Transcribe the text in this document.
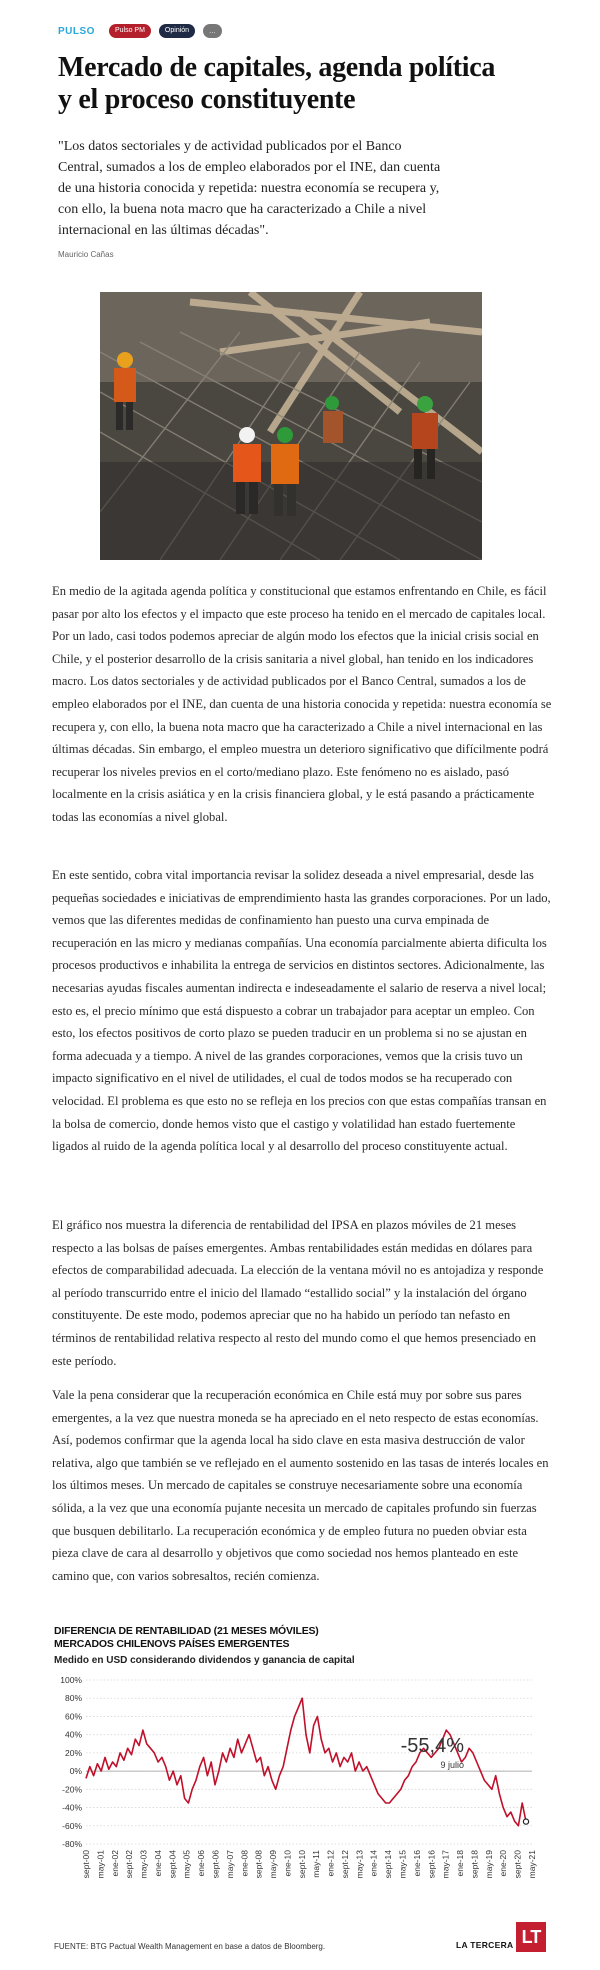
PULSO	Pulso PM	Opinión	...
Mercado de capitales, agenda política y el proceso constituyente

"Los datos sectoriales y de actividad publicados por el Banco Central, sumados a los de empleo elaborados por el INE, dan cuenta de una historia conocida y repetida: nuestra economía se recupera y, con ello, la buena nota macro que ha caracterizado a Chile a nivel internacional en las últimas décadas".

Mauricio Cañas

En medio de la agitada agenda política y constitucional que estamos enfrentando en Chile, es fácil pasar por alto los efectos y el impacto que este proceso ha tenido en el mercado de capitales local. Por un lado, casi todos podemos apreciar de algún modo los efectos que la inicial crisis social en Chile, y el posterior desarrollo de la crisis sanitaria a nivel global, han tenido en los indicadores macro. Los datos sectoriales y de actividad publicados por el Banco Central, sumados a los de empleo elaborados por el INE, dan cuenta de una historia conocida y repetida: nuestra economía se recupera y, con ello, la buena nota macro que ha caracterizado a Chile a nivel internacional en las últimas décadas. Sin embargo, el empleo muestra un deterioro significativo que difícilmente podrá recuperar los niveles previos en el corto/mediano plazo. Este fenómeno no es aislado, pasó localmente en la crisis asiática y en la crisis financiera global, y le está pasando a prácticamente todas las economías a nivel global.

En este sentido, cobra vital importancia revisar la solidez deseada a nivel empresarial, desde las pequeñas sociedades e iniciativas de emprendimiento hasta las grandes corporaciones. Por un lado, vemos que las diferentes medidas de confinamiento han puesto una curva empinada de recuperación en las micro y medianas compañías. Una economía parcialmente abierta dificulta los procesos productivos e inhabilita la entrega de servicios en distintos sectores. Adicionalmente, las necesarias ayudas fiscales aumentan indirecta e indeseadamente el salario de reserva a nivel local; esto es, el precio mínimo que está dispuesto a cobrar un trabajador para aceptar un empleo. Con esto, los efectos positivos de corto plazo se pueden traducir en un problema si no se ajustan en forma adecuada y a tiempo. A nivel de las grandes corporaciones, vemos que la crisis tuvo un impacto significativo en el nivel de utilidades, el cual de todos modos se ha recuperado con velocidad. El problema es que esto no se refleja en los precios con que estas compañías transan en la bolsa de comercio, donde hemos visto que el castigo y volatilidad han estado fuertemente ligados al ruido de la agenda política local y al desarrollo del proceso constituyente actual.

El gráfico nos muestra la diferencia de rentabilidad del IPSA en plazos móviles de 21 meses respecto a las bolsas de países emergentes. Ambas rentabilidades están medidas en dólares para efectos de comparabilidad adecuada. La elección de la ventana móvil no es antojadiza y responde al período transcurrido entre el inicio del llamado “estallido social” y la instalación del órgano constituyente. De este modo, podemos apreciar que no ha habido un período tan nefasto en términos de rentabilidad relativa respecto al resto del mundo como el que hemos presenciado en este período.

Vale la pena considerar que la recuperación económica en Chile está muy por sobre sus pares emergentes, a la vez que nuestra moneda se ha apreciado en el neto respecto de estas economías. Así, podemos confirmar que la agenda local ha sido clave en esta masiva destrucción de valor relativa, algo que también se ve reflejado en el aumento sostenido en las tasas de interés locales en los últimos meses. Un mercado de capitales se construye necesariamente sobre una economía sólida, a la vez que una economía pujante necesita un mercado de capitales profundo sin fuerzas que busquen debilitarlo. La recuperación económica y de empleo futura no pueden obviar esta pieza clave de cara al desarrollo y objetivos que como sociedad nos hemos planteado en este camino que, con varios sobresaltos, recién comienza.

DIFERENCIA DE RENTABILIDAD (21 MESES MÓVILES)
MERCADOS CHILENOVS PAÍSES EMERGENTES
Medido en USD considerando dividendos y ganancia de capital
100%
80%
60%
40%
20%
0%
-20%
-40%
-60%
-80%
sept-00 may-01 ene-02 sept-02 may-03 ene-04 sept-04 may-05 ene-06 sept-06 may-07 ene-08 sept-08 may-09 ene-10 sept-10 may-11 ene-12 sept-12 may-13 ene-14 sept-14 may-15 ene-16 sept-16 may-17 ene-18 sept-18 may-19 ene-20 sept-20 may-21
-55,4%
9 julio
FUENTE: BTG Pactual Wealth Management en base a datos de Bloomberg.	LA TERCERA LT
